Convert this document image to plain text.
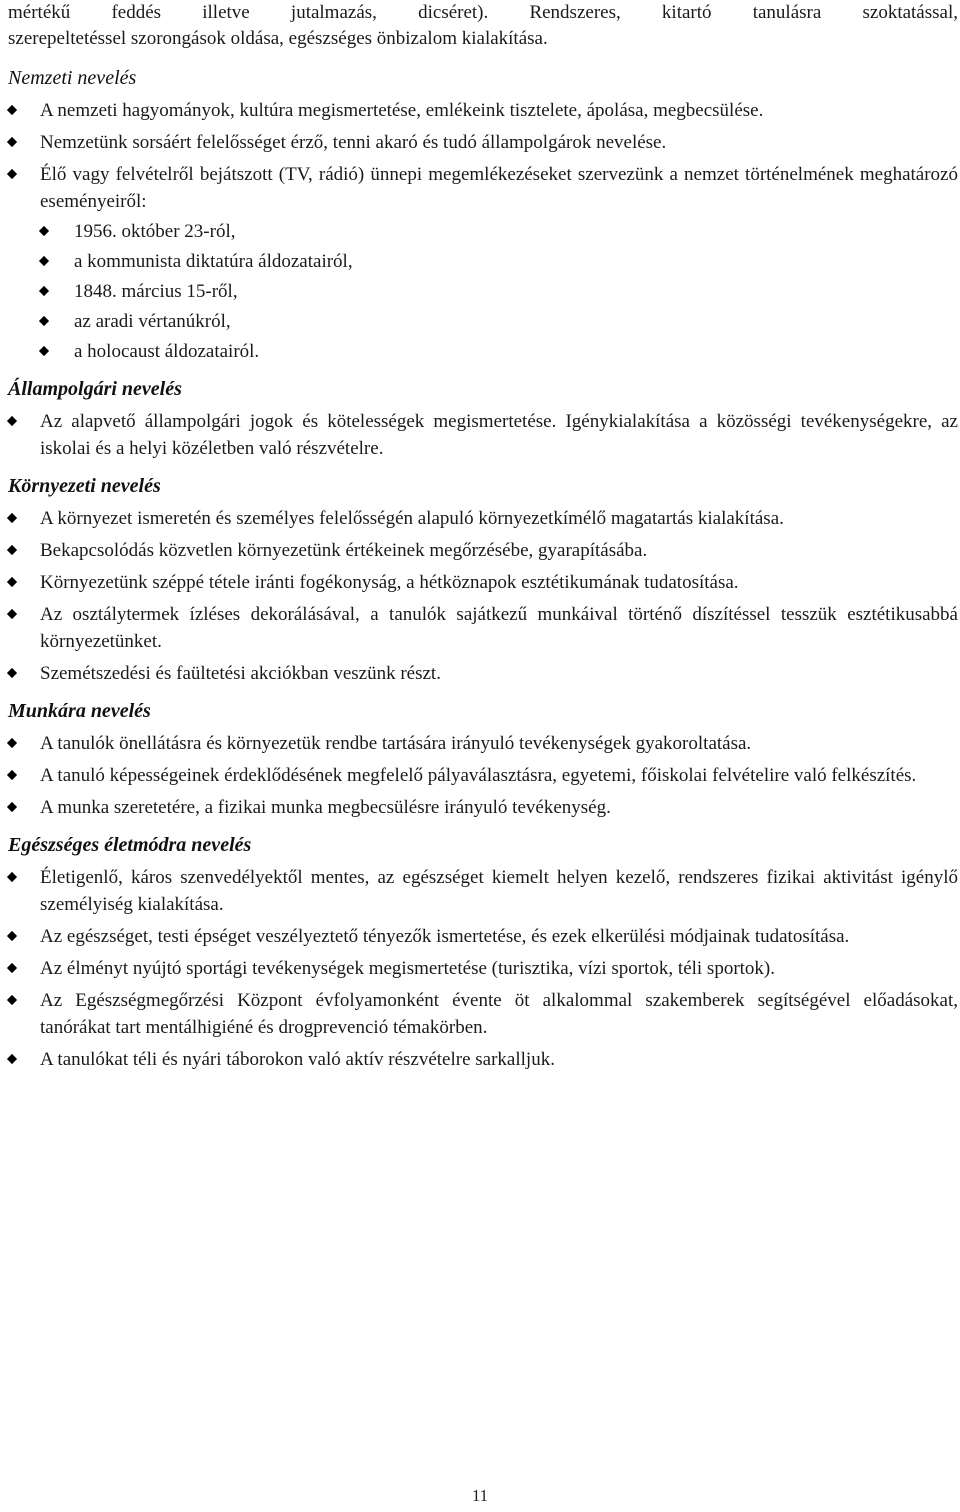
mértékű feddés illetve jutalmazás, dicséret). Rendszeres, kitartó tanulásra szoktatással,

szerepeltetéssel szorongások oldása, egészséges önbizalom kialakítása.

Nemzeti nevelés
A nemzeti hagyományok, kultúra megismertetése, emlékeink tisztelete, ápolása, megbecsülése.
Nemzetünk sorsáért felelősséget érző, tenni akaró és tudó állampolgárok nevelése.
Élő vagy felvételről bejátszott (TV, rádió) ünnepi megemlékezéseket szervezünk a nemzet történelmének meghatározó eseményeiről:
1956. október 23-ról,
a kommunista diktatúra áldozatairól,
1848. március 15-ről,
az aradi vértanúkról,
a holocaust áldozatairól.
Állampolgári nevelés
Az alapvető állampolgári jogok és kötelességek megismertetése. Igénykialakítása a közösségi tevékenységekre, az iskolai és a helyi közéletben való részvételre.
Környezeti nevelés
A környezet ismeretén és személyes felelősségén alapuló környezetkímélő magatartás kialakítása.
Bekapcsolódás közvetlen környezetünk értékeinek megőrzésébe, gyarapításába.
Környezetünk széppé tétele iránti fogékonyság, a hétköznapok esztétikumának tudatosítása.
Az osztálytermek ízléses dekorálásával, a tanulók sajátkezű munkáival történő díszítéssel tesszük esztétikusabbá környezetünket.
Szemétszedési és faültetési akciókban veszünk részt.
Munkára nevelés
A tanulók önellátásra és környezetük rendbe tartására irányuló tevékenységek gyakoroltatása.
A tanuló képességeinek érdeklődésének megfelelő pályaválasztásra, egyetemi, főiskolai felvételire való felkészítés.
A munka szeretetére, a fizikai munka megbecsülésre irányuló tevékenység.
Egészséges életmódra nevelés
Életigenlő, káros szenvedélyektől mentes, az egészséget kiemelt helyen kezelő, rendszeres fizikai aktivitást igénylő személyiség kialakítása.
Az egészséget, testi épséget veszélyeztető tényezők ismertetése, és ezek elkerülési módjainak tudatosítása.
Az élményt nyújtó sportági tevékenységek megismertetése (turisztika, vízi sportok, téli sportok).
Az Egészségmegőrzési Központ évfolyamonként évente öt alkalommal szakemberek segítségével előadásokat, tanórákat tart mentálhigiéné és drogprevenció témakörben.
A tanulókat téli és nyári táborokon való aktív részvételre sarkalljuk.
11
